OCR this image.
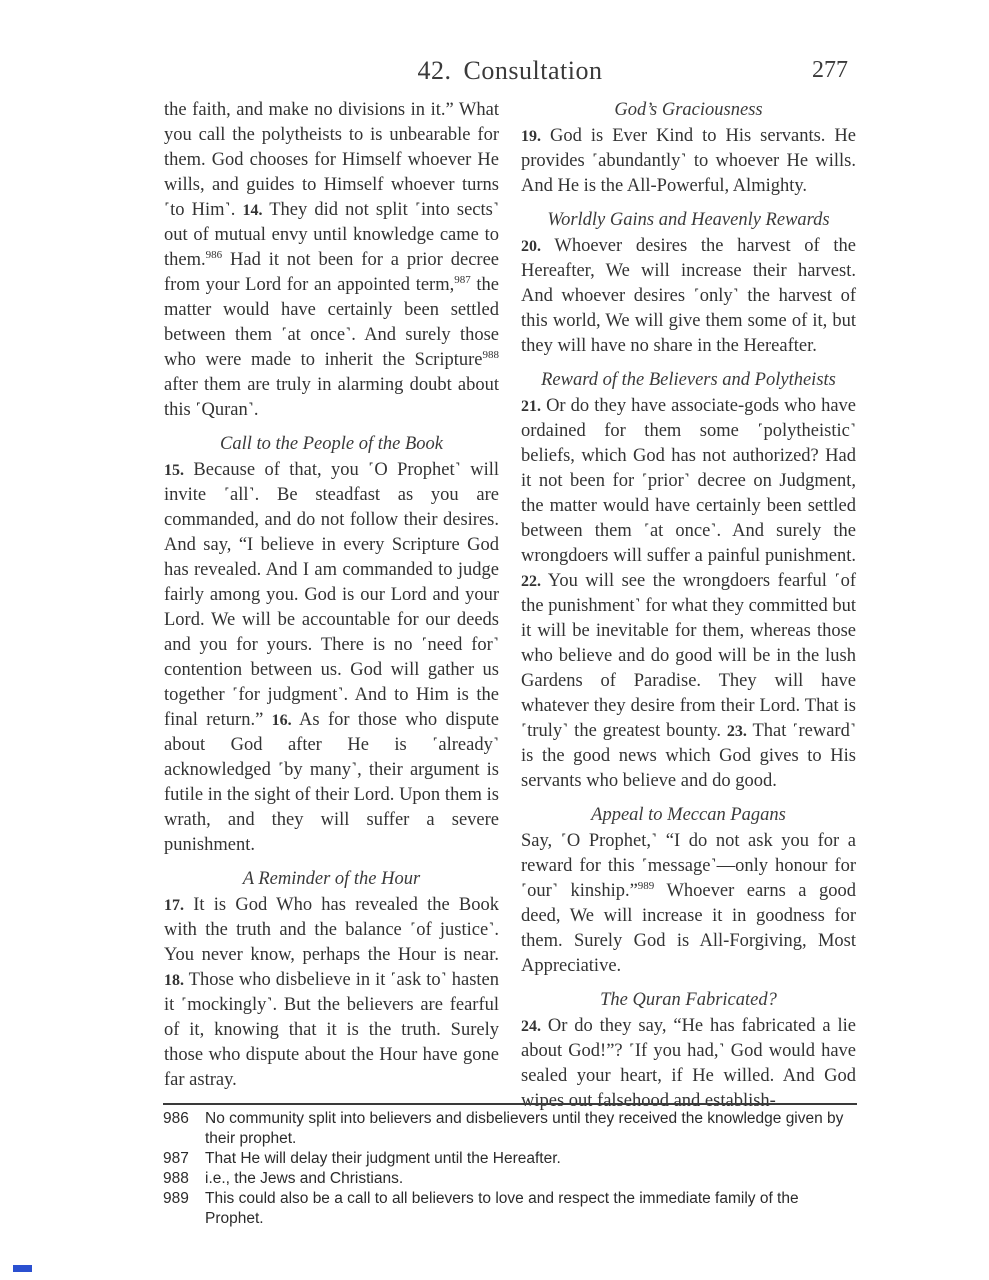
42. Consultation	277

the faith, and make no divisions in it.” What you call the polytheists to is unbearable for them. God chooses for Himself whoever He wills, and guides to Himself whoever turns ˹to Him˺. 14. They did not split ˹into sects˺ out of mutual envy until knowledge came to them.$^{986}$ Had it not been for a prior decree from your Lord for an appointed term,$^{987}$ the matter would have certainly been settled between them ˹at once˺. And surely those who were made to inherit the Scripture$^{988}$ after them are truly in alarming doubt about this ˹Quran˺.

Call to the People of the Book

15. Because of that, you ˹O Prophet˺ will invite ˹all˺. Be steadfast as you are commanded, and do not follow their desires. And say, “I believe in every Scripture God has revealed. And I am commanded to judge fairly among you. God is our Lord and your Lord. We will be accountable for our deeds and you for yours. There is no ˹need for˺ contention between us. God will gather us together ˹for judgment˺. And to Him is the final return.” 16. As for those who dispute about God after He is ˹already˺ acknowledged ˹by many˺, their argument is futile in the sight of their Lord. Upon them is wrath, and they will suffer a severe punishment.

A Reminder of the Hour

17. It is God Who has revealed the Book with the truth and the balance ˹of justice˺. You never know, perhaps the Hour is near. 18. Those who disbelieve in it ˹ask to˺ hasten it ˹mockingly˺. But the believers are fearful of it, knowing that it is the truth. Surely those who dispute about the Hour have gone far astray.

God’s Graciousness

19. God is Ever Kind to His servants. He provides ˹abundantly˺ to whoever He wills. And He is the All-Powerful, Almighty.

Worldly Gains and Heavenly Rewards

20. Whoever desires the harvest of the Hereafter, We will increase their harvest. And whoever desires ˹only˺ the harvest of this world, We will give them some of it, but they will have no share in the Hereafter.

Reward of the Believers and Polytheists

21. Or do they have associate-gods who have ordained for them some ˹polytheistic˺ beliefs, which God has not authorized? Had it not been for ˹prior˺ decree on Judgment, the matter would have certainly been settled between them ˹at once˺. And surely the wrongdoers will suffer a painful punishment. 22. You will see the wrongdoers fearful ˹of the punishment˺ for what they committed but it will be inevitable for them, whereas those who believe and do good will be in the lush Gardens of Paradise. They will have whatever they desire from their Lord. That is ˹truly˺ the greatest bounty. 23. That ˹reward˺ is the good news which God gives to His servants who believe and do good.

Appeal to Meccan Pagans

Say, ˹O Prophet,˺ “I do not ask you for a reward for this ˹message˺—only honour for ˹our˺ kinship.”$^{989}$ Whoever earns a good deed, We will increase it in goodness for them. Surely God is All-Forgiving, Most Appreciative.

The Quran Fabricated?

24. Or do they say, “He has fabricated a lie about God!”? ˹If you had,˺ God would have sealed your heart, if He willed. And God wipes out falsehood and establish-

986	No community split into believers and disbelievers until they received the knowledge given by their prophet.
987	That He will delay their judgment until the Hereafter.
988	i.e., the Jews and Christians.
989	This could also be a call to all believers to love and respect the immediate family of the Prophet.
